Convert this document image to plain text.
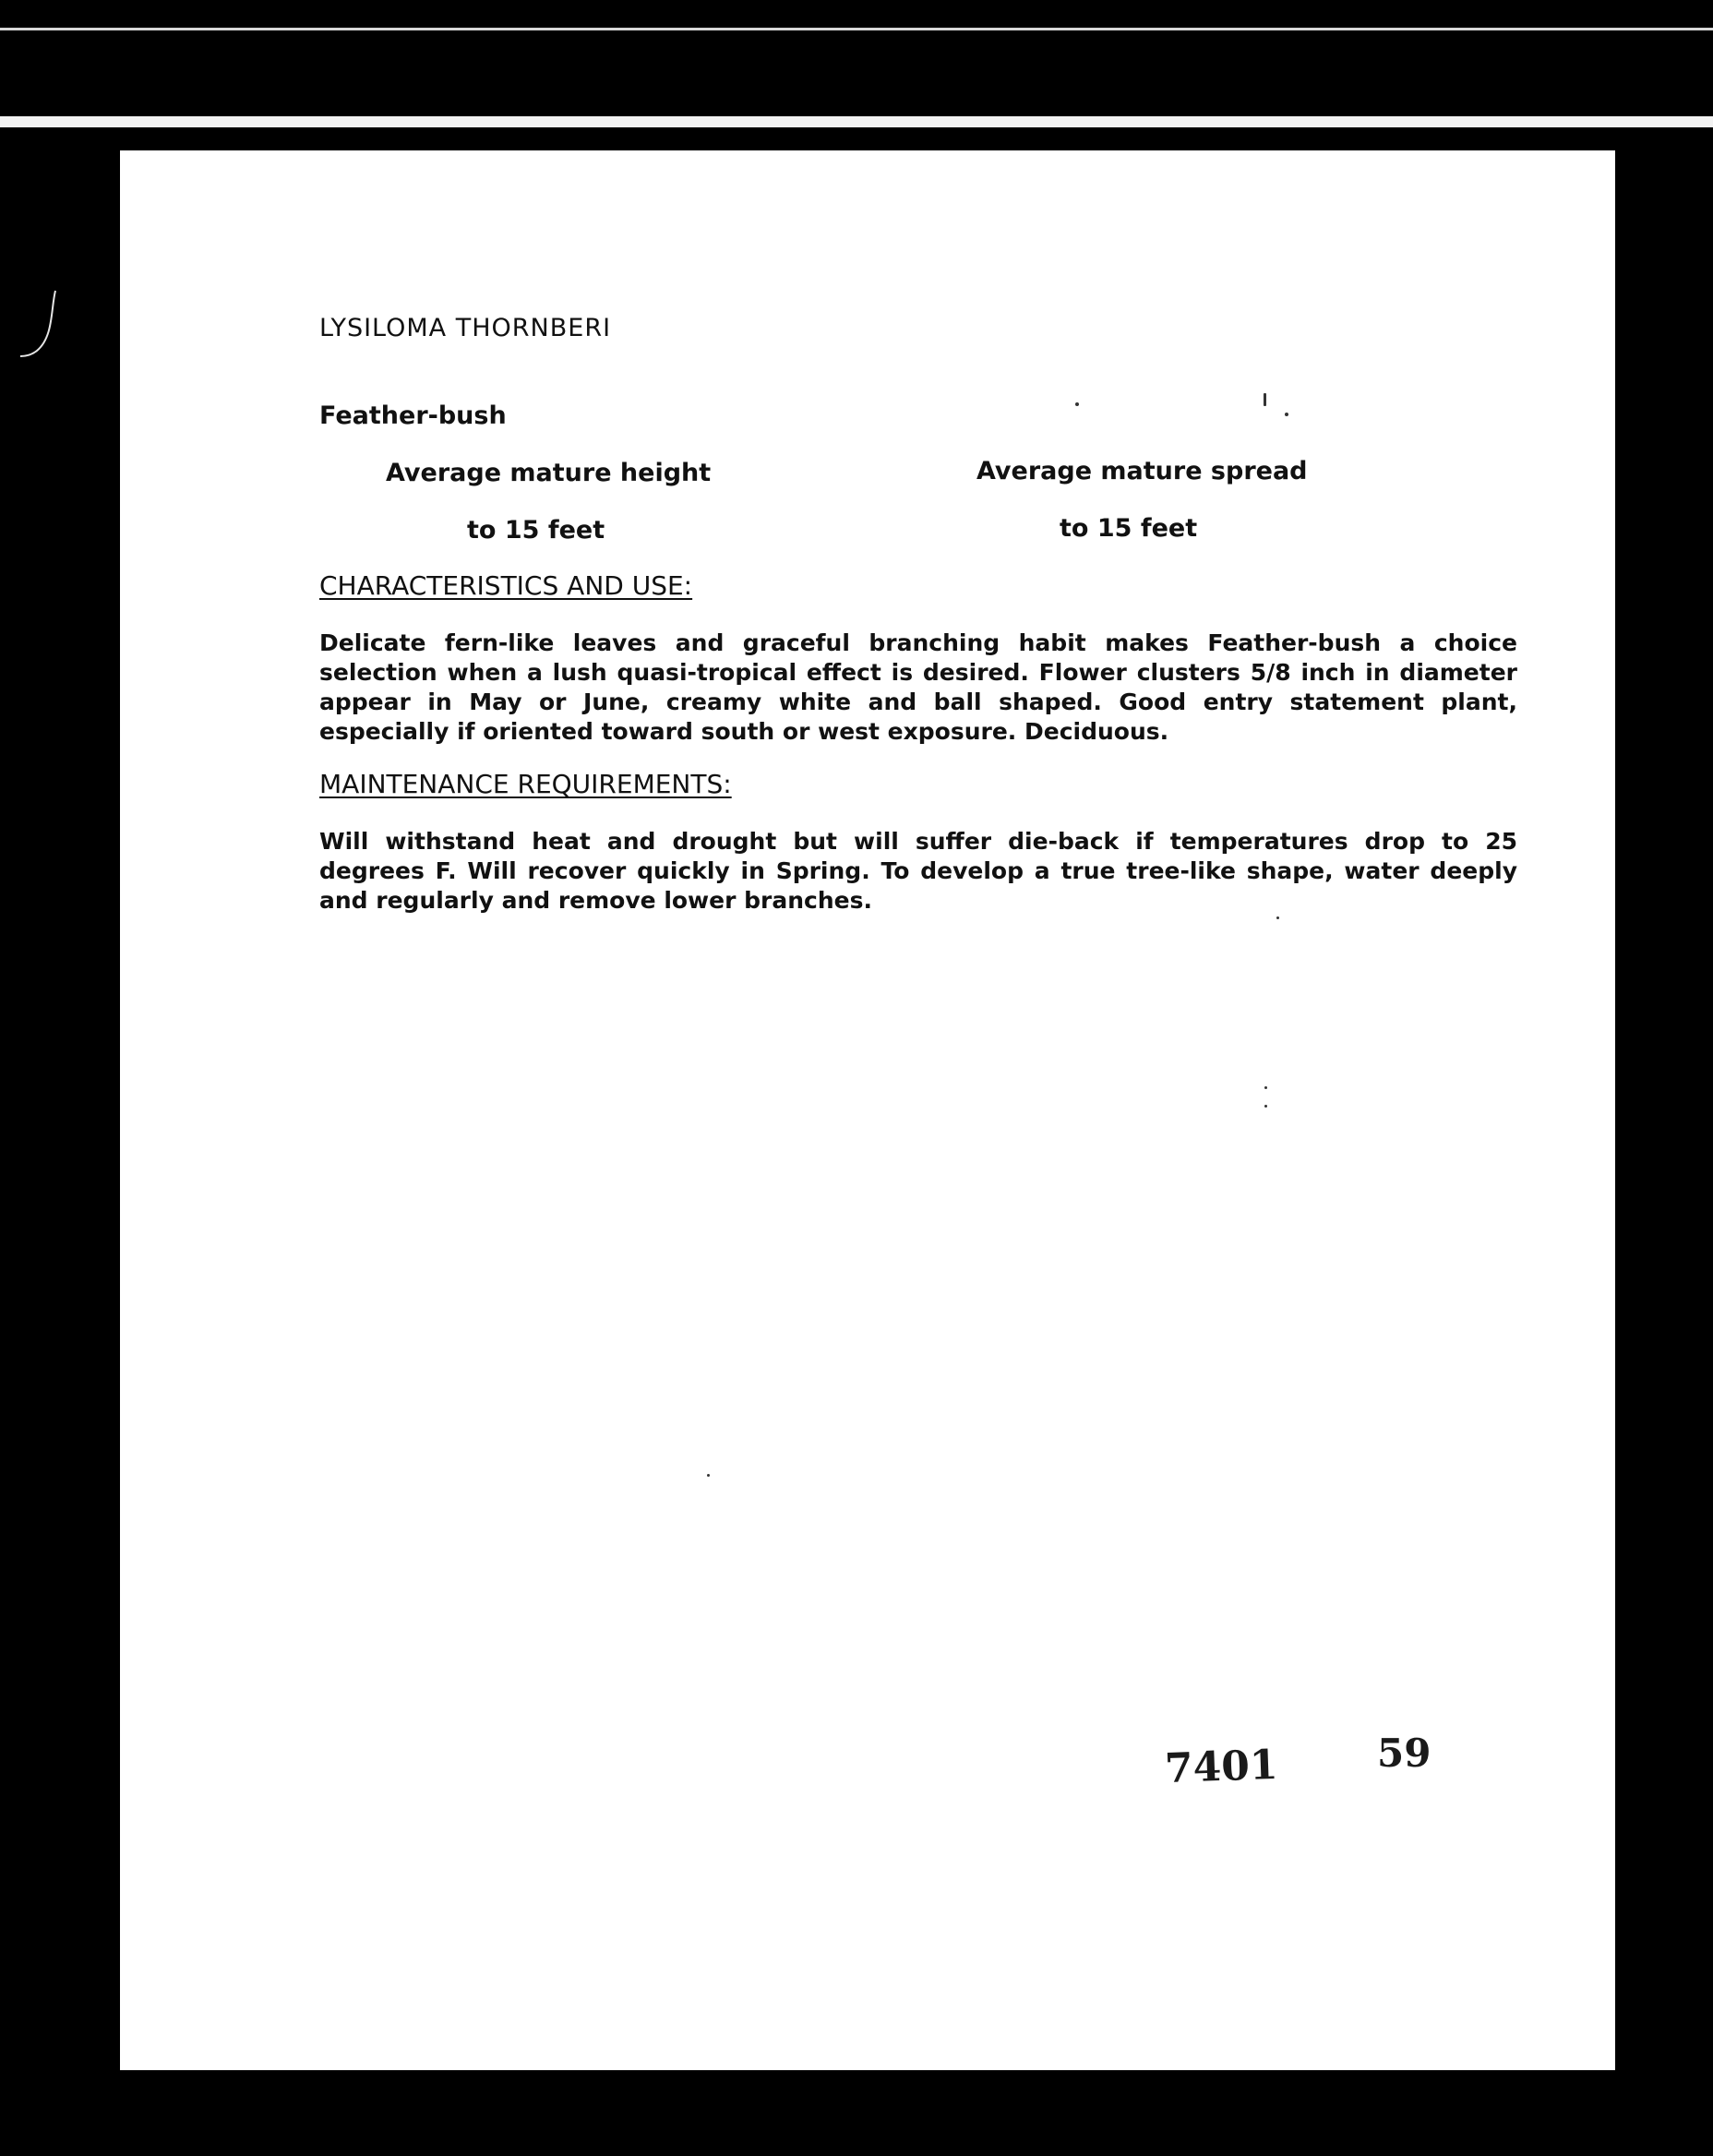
LYSILOMA THORNBERI
Feather-bush
Average mature height	Average mature spread
to 15 feet	to 15 feet
CHARACTERISTICS AND USE:
Delicate fern-like leaves and graceful branching habit makes Feather-bush a choice selection when a lush quasi-tropical effect is desired. Flower clusters 5/8 inch in diameter appear in May or June, creamy white and ball shaped. Good entry statement plant, especially if oriented toward south or west exposure. Deciduous.
MAINTENANCE REQUIREMENTS:
Will withstand heat and drought but will suffer die-back if temperatures drop to 25 degrees F. Will recover quickly in Spring. To develop a true tree-like shape, water deeply and regularly and remove lower branches.
7401	59
